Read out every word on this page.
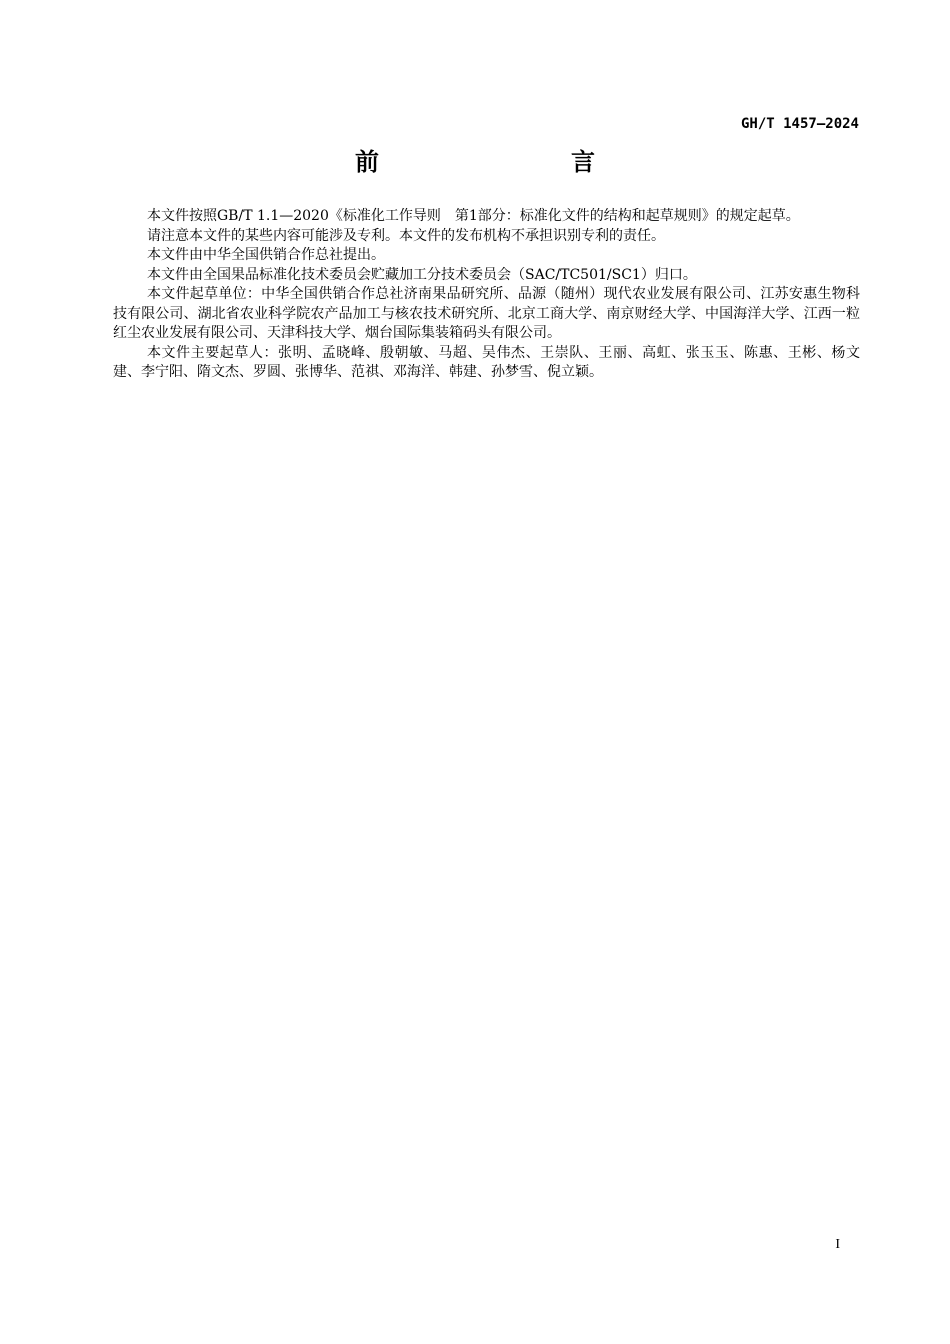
GH/T 1457—2024
前　　言

本文件按照GB/T 1.1—2020《标准化工作导则　第1部分：标准化文件的结构和起草规则》的规定起草。

请注意本文件的某些内容可能涉及专利。本文件的发布机构不承担识别专利的责任。

本文件由中华全国供销合作总社提出。

本文件由全国果品标准化技术委员会贮藏加工分技术委员会（SAC/TC501/SC1）归口。

本文件起草单位：中华全国供销合作总社济南果品研究所、品源（随州）现代农业发展有限公司、江苏安惠生物科技有限公司、湖北省农业科学院农产品加工与核农技术研究所、北京工商大学、南京财经大学、中国海洋大学、江西一粒红尘农业发展有限公司、天津科技大学、烟台国际集装箱码头有限公司。

本文件主要起草人：张明、孟晓峰、殷朝敏、马超、吴伟杰、王崇队、王丽、高虹、张玉玉、陈惠、王彬、杨文建、李宁阳、隋文杰、罗圆、张博华、范祺、邓海洋、韩建、孙梦雪、倪立颖。

I
